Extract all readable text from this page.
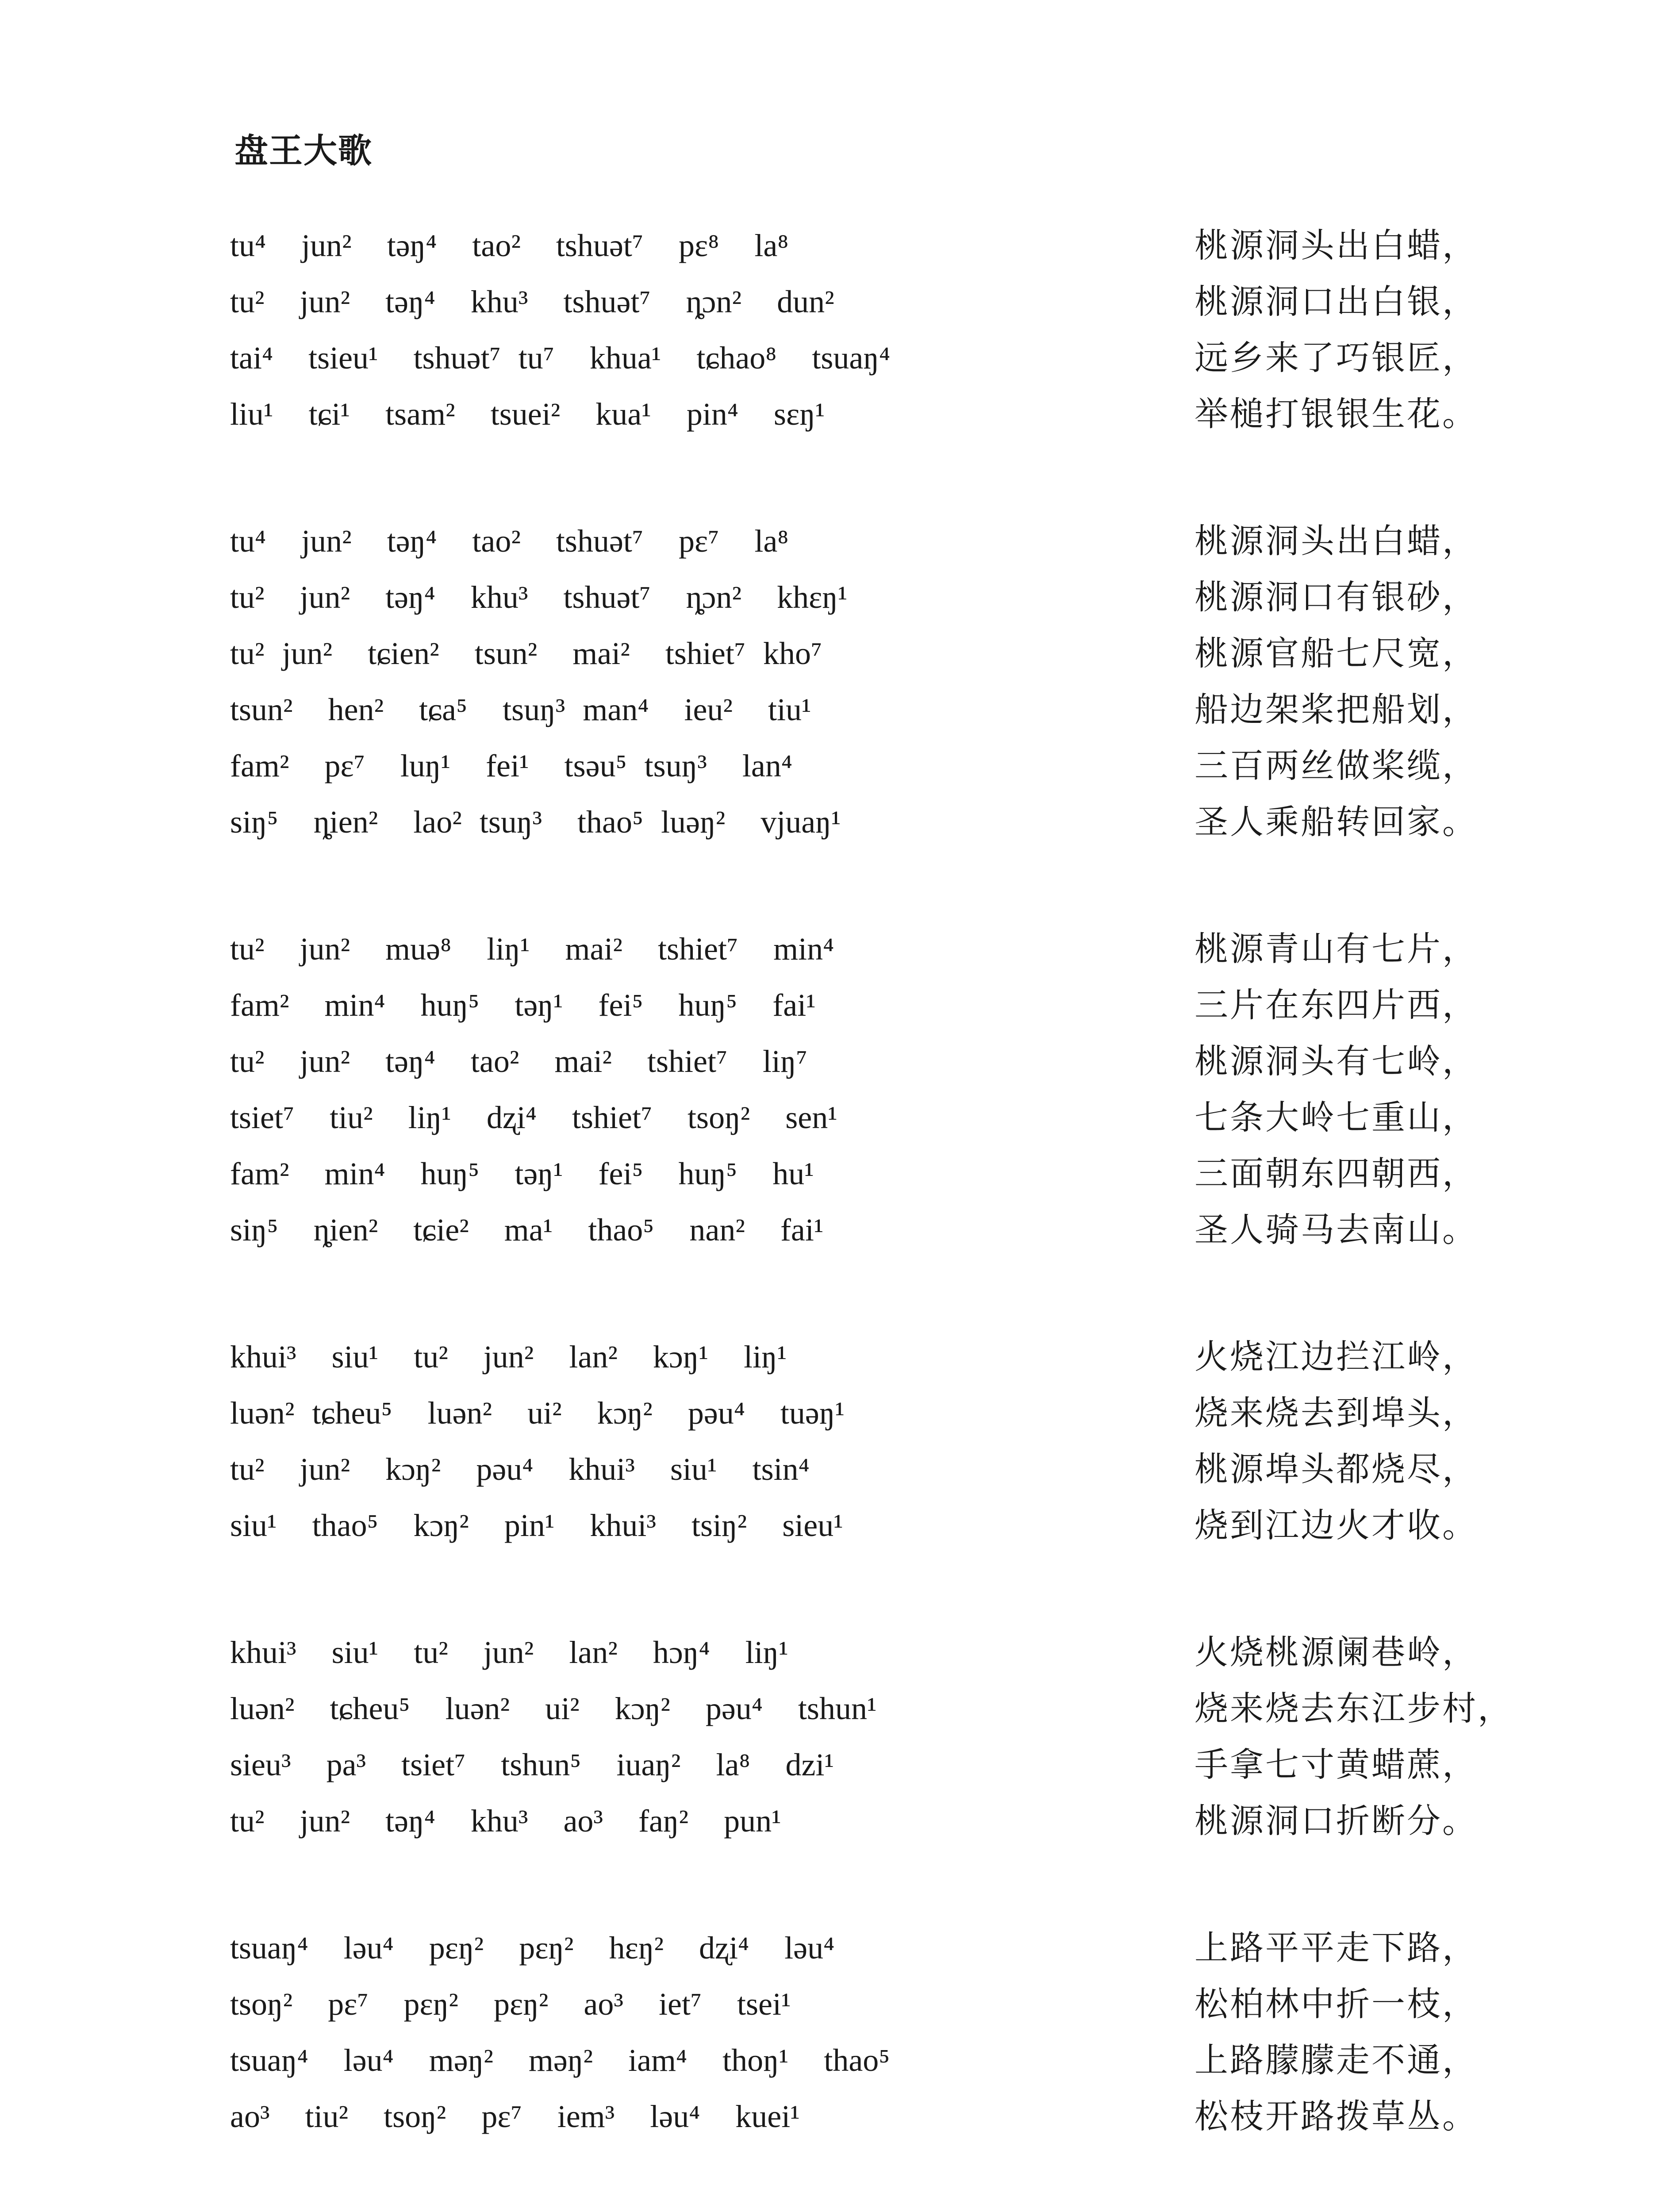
盘王大歌
tu⁴  jun²  təŋ⁴  tao²  tshuət⁷  pɛ⁸  la⁸	桃源洞头出白蜡，
tu²  jun²  təŋ⁴  khu³  tshuət⁷  ȵɔn²  dun²	桃源洞口出白银，
tai⁴  tsieu¹  tshuət⁷ tu⁷  khua¹  tɕhao⁸  tsuaŋ⁴	远乡来了巧银匠，
liu¹  tɕi¹  tsam²  tsuei²  kua¹  pin⁴  sɛŋ¹	举槌打银银生花。
tu⁴  jun²  təŋ⁴  tao²  tshuət⁷  pɛ⁷  la⁸	桃源洞头出白蜡，
tu²  jun²  təŋ⁴  khu³  tshuət⁷  ȵɔn²  khɛŋ¹	桃源洞口有银砂，
tu² jun²  tɕien²  tsun²  mai²  tshiet⁷ kho⁷	桃源官船七尺宽，
tsun²  hen²  tɕa⁵  tsuŋ³ man⁴  ieu²  tiu¹	船边架桨把船划，
fam²  pɛ⁷  luŋ¹  fei¹  tsəu⁵ tsuŋ³  lan⁴	三百两丝做桨缆，
siŋ⁵  ȵien²  lao² tsuŋ³  thao⁵ luəŋ²  vjuaŋ¹	圣人乘船转回家。
tu²  jun²  muə⁸  liŋ¹  mai²  tshiet⁷  min⁴	桃源青山有七片，
fam²  min⁴  huŋ⁵  təŋ¹  fei⁵  huŋ⁵  fai¹	三片在东四片西，
tu²  jun²  təŋ⁴  tao²  mai²  tshiet⁷  liŋ⁷	桃源洞头有七岭，
tsiet⁷  tiu²  liŋ¹  dʐi⁴  tshiet⁷  tsoŋ²  sen¹	七条大岭七重山，
fam²  min⁴  huŋ⁵  təŋ¹  fei⁵  huŋ⁵  hu¹	三面朝东四朝西，
siŋ⁵  ȵien²  tɕie²  ma¹  thao⁵  nan²  fai¹	圣人骑马去南山。
khui³  siu¹  tu²  jun²  lan²  kɔŋ¹  liŋ¹	火烧江边拦江岭，
luən² tɕheu⁵  luən²  ui²  kɔŋ²  pəu⁴  tuəŋ¹	烧来烧去到埠头，
tu²  jun²  kɔŋ²  pəu⁴  khui³  siu¹  tsin⁴	桃源埠头都烧尽，
siu¹  thao⁵  kɔŋ²  pin¹  khui³  tsiŋ²  sieu¹	烧到江边火才收。
khui³  siu¹  tu²  jun²  lan²  hɔŋ⁴  liŋ¹	火烧桃源阑巷岭，
luən²  tɕheu⁵  luən²  ui²  kɔŋ²  pəu⁴  tshun¹	烧来烧去东江步村，
sieu³  pa³  tsiet⁷  tshun⁵  iuaŋ²  la⁸  dzi¹	手拿七寸黄蜡蔗，
tu²  jun²  təŋ⁴  khu³  ao³  faŋ²  pun¹	桃源洞口折断分。
tsuaŋ⁴  ləu⁴  pɛŋ²  pɛŋ²  hɛŋ²  dʐi⁴  ləu⁴	上路平平走下路，
tsoŋ²  pɛ⁷  pɛŋ²  pɛŋ²  ao³  iet⁷  tsei¹	松柏林中折一枝，
tsuaŋ⁴  ləu⁴  məŋ²  məŋ²  iam⁴  thoŋ¹  thao⁵	上路朦朦走不通，
ao³  tiu²  tsoŋ²  pɛ⁷  iem³  ləu⁴  kuei¹	松枝开路拨草丛。
